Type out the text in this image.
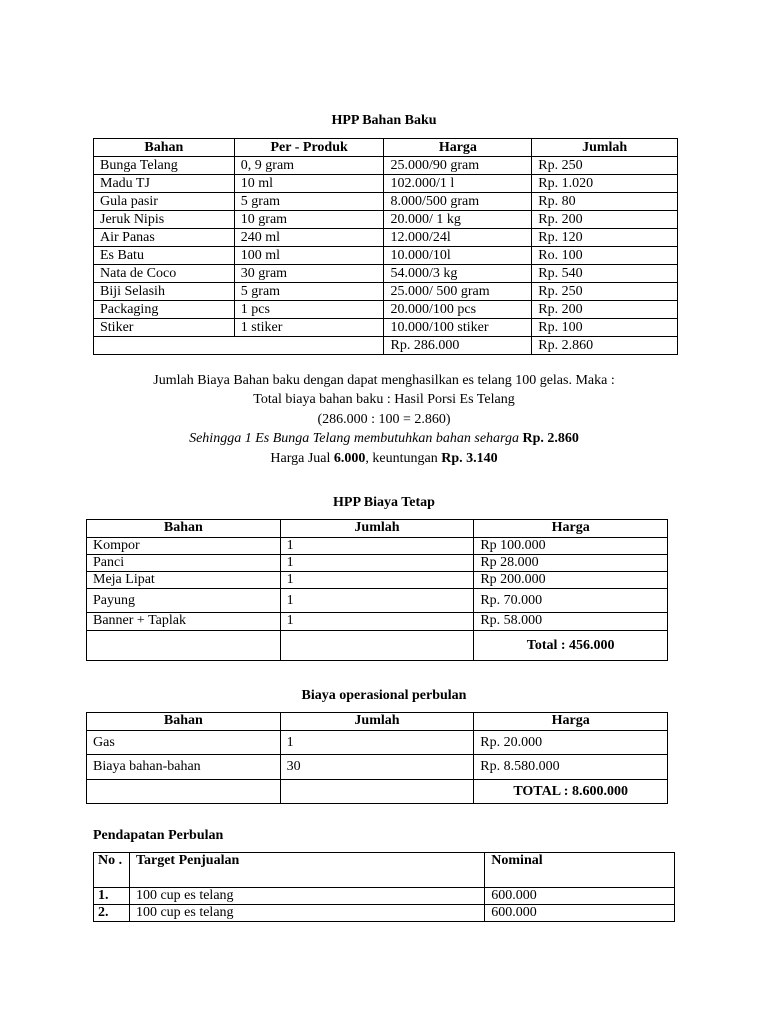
HPP Bahan Baku
Bahan	Per - Produk	Harga	Jumlah
Bunga Telang	0, 9 gram	25.000/90 gram	Rp. 250
Madu TJ	10 ml	102.000/1 l	Rp. 1.020
Gula pasir	5 gram	8.000/500 gram	Rp. 80
Jeruk Nipis	10 gram	20.000/ 1 kg	Rp. 200
Air Panas	240 ml	12.000/24l	Rp. 120
Es Batu	100 ml	10.000/10l	Ro. 100
Nata de Coco	30 gram	54.000/3 kg	Rp. 540
Biji Selasih	5 gram	25.000/ 500 gram	Rp. 250
Packaging	1 pcs	20.000/100 pcs	Rp. 200
Stiker	1 stiker	10.000/100 stiker	Rp. 100
		Rp. 286.000	Rp. 2.860
Jumlah Biaya Bahan baku dengan dapat menghasilkan es telang 100 gelas. Maka :
Total biaya bahan baku : Hasil Porsi Es Telang
(286.000 : 100 = 2.860)
Sehingga 1 Es Bunga Telang membutuhkan bahan seharga Rp. 2.860
Harga Jual 6.000, keuntungan Rp. 3.140
HPP Biaya Tetap
Bahan	Jumlah	Harga
Kompor	1	Rp 100.000
Panci	1	Rp 28.000
Meja Lipat	1	Rp 200.000
Payung	1	Rp. 70.000
Banner + Taplak	1	Rp. 58.000
		Total : 456.000
Biaya operasional perbulan
Bahan	Jumlah	Harga
Gas	1	Rp. 20.000
Biaya bahan-bahan	30	Rp. 8.580.000
		TOTAL : 8.600.000
Pendapatan Perbulan
No .	Target Penjualan	Nominal
1.	100 cup es telang	600.000
2.	100 cup es telang	600.000
